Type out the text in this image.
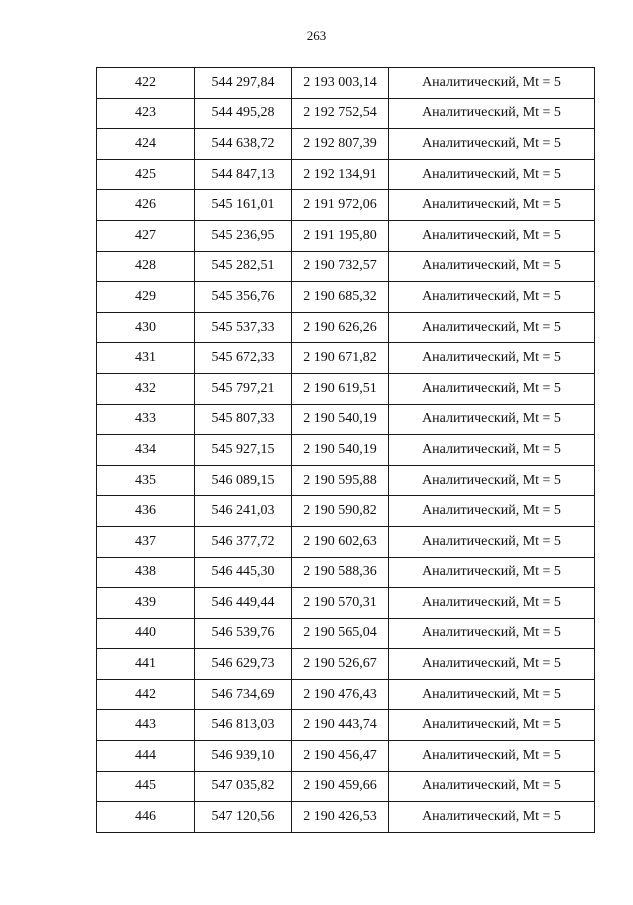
263
422	544 297,84	2 193 003,14	Аналитический, Mt = 5
423	544 495,28	2 192 752,54	Аналитический, Mt = 5
424	544 638,72	2 192 807,39	Аналитический, Mt = 5
425	544 847,13	2 192 134,91	Аналитический, Mt = 5
426	545 161,01	2 191 972,06	Аналитический, Mt = 5
427	545 236,95	2 191 195,80	Аналитический, Mt = 5
428	545 282,51	2 190 732,57	Аналитический, Mt = 5
429	545 356,76	2 190 685,32	Аналитический, Mt = 5
430	545 537,33	2 190 626,26	Аналитический, Mt = 5
431	545 672,33	2 190 671,82	Аналитический, Mt = 5
432	545 797,21	2 190 619,51	Аналитический, Mt = 5
433	545 807,33	2 190 540,19	Аналитический, Mt = 5
434	545 927,15	2 190 540,19	Аналитический, Mt = 5
435	546 089,15	2 190 595,88	Аналитический, Mt = 5
436	546 241,03	2 190 590,82	Аналитический, Mt = 5
437	546 377,72	2 190 602,63	Аналитический, Mt = 5
438	546 445,30	2 190 588,36	Аналитический, Mt = 5
439	546 449,44	2 190 570,31	Аналитический, Mt = 5
440	546 539,76	2 190 565,04	Аналитический, Mt = 5
441	546 629,73	2 190 526,67	Аналитический, Mt = 5
442	546 734,69	2 190 476,43	Аналитический, Mt = 5
443	546 813,03	2 190 443,74	Аналитический, Mt = 5
444	546 939,10	2 190 456,47	Аналитический, Mt = 5
445	547 035,82	2 190 459,66	Аналитический, Mt = 5
446	547 120,56	2 190 426,53	Аналитический, Mt = 5
